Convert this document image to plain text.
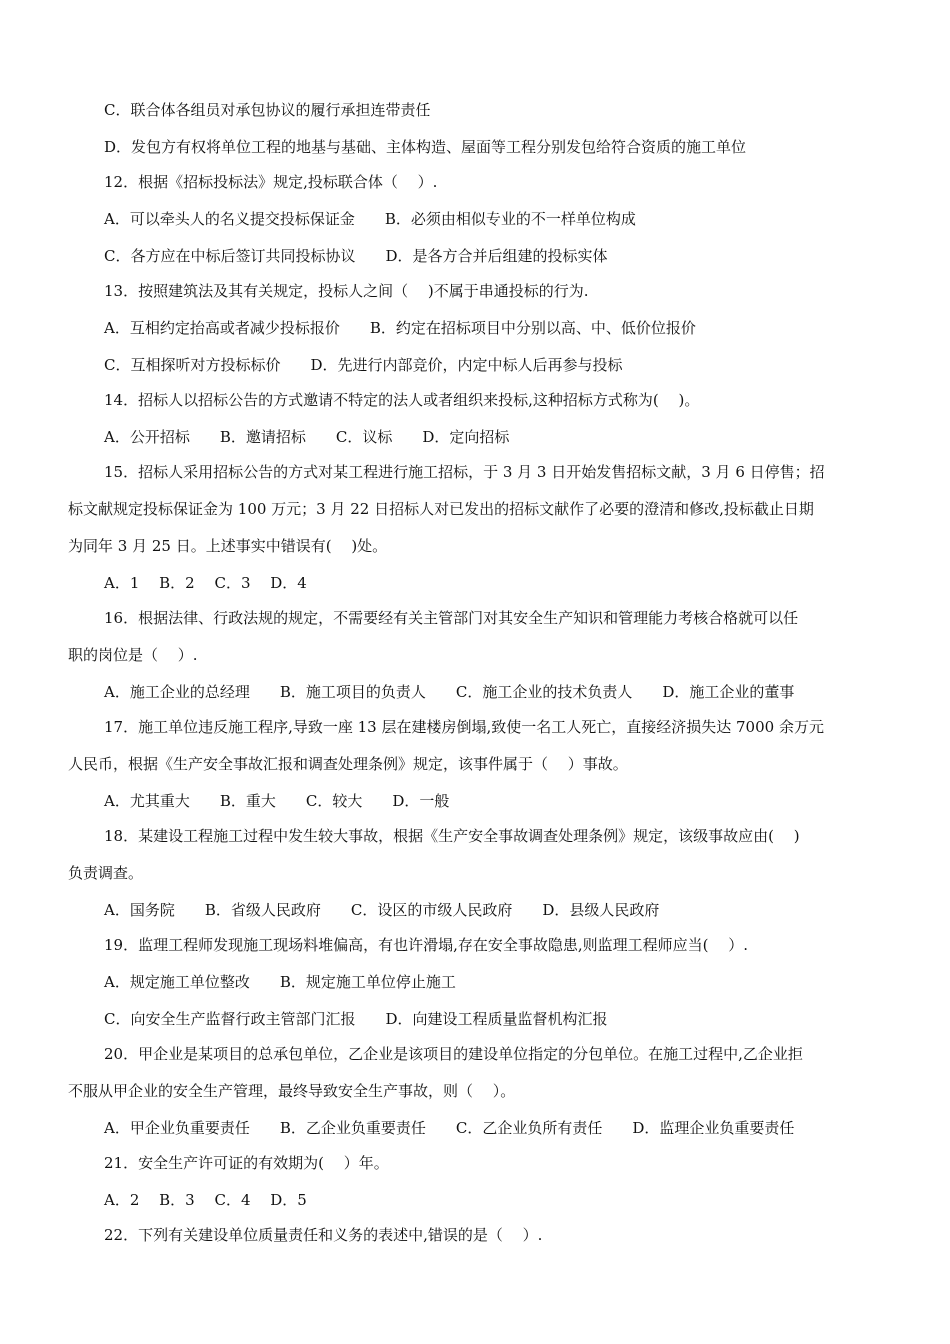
C．联合体各组员对承包协议的履行承担连带责任
D．发包方有权将单位工程的地基与基础、主体构造、屋面等工程分别发包给符合资质的施工单位
12．根据《招标投标法》规定,投标联合体（　 ）.
A．可以牵头人的名义提交投标保证金　　B．必须由相似专业的不一样单位构成
C．各方应在中标后签订共同投标协议　　D．是各方合并后组建的投标实体
13．按照建筑法及其有关规定，投标人之间（　 )不属于串通投标的行为.
A．互相约定抬高或者减少投标报价　　B．约定在招标项目中分别以高、中、低价位报价
C．互相探听对方投标标价　　D．先进行内部竞价，内定中标人后再参与投标
14．招标人以招标公告的方式邀请不特定的法人或者组织来投标,这种招标方式称为(　 )。
A．公开招标　　B．邀请招标　　C．议标　　D．定向招标
15．招标人采用招标公告的方式对某工程进行施工招标，于 3 月 3 日开始发售招标文献，3 月 6 日停售；招
标文献规定投标保证金为 100 万元；3 月 22 日招标人对已发出的招标文献作了必要的澄清和修改,投标截止日期
为同年 3 月 25 日。上述事实中错误有(　 )处。
A．1　 B．2　 C．3　 D．4
16．根据法律、行政法规的规定，不需要经有关主管部门对其安全生产知识和管理能力考核合格就可以任
职的岗位是（　 ）.
A．施工企业的总经理　　B．施工项目的负责人　　C．施工企业的技术负责人　　D．施工企业的董事
17．施工单位违反施工程序,导致一座 13 层在建楼房倒塌,致使一名工人死亡，直接经济损失达 7000 余万元
人民币，根据《生产安全事故汇报和调查处理条例》规定，该事件属于（　 ）事故。
A．尤其重大　　B．重大　　C．较大　　D．一般
18．某建设工程施工过程中发生较大事故，根据《生产安全事故调查处理条例》规定，该级事故应由(　 )
负责调查。
A．国务院　　B．省级人民政府　　C．设区的市级人民政府　　D．县级人民政府
19．监理工程师发现施工现场料堆偏高，有也许滑塌,存在安全事故隐患,则监理工程师应当(　 ）.
A．规定施工单位整改　　B．规定施工单位停止施工
C．向安全生产监督行政主管部门汇报　　D．向建设工程质量监督机构汇报
20．甲企业是某项目的总承包单位，乙企业是该项目的建设单位指定的分包单位。在施工过程中,乙企业拒
不服从甲企业的安全生产管理，最终导致安全生产事故，则（　 ）。
A．甲企业负重要责任　　B．乙企业负重要责任　　C．乙企业负所有责任　　D．监理企业负重要责任
21．安全生产许可证的有效期为(　 ）年。
A．2　 B．3　 C．4　 D．5
22．下列有关建设单位质量责任和义务的表述中,错误的是（　 ）.
